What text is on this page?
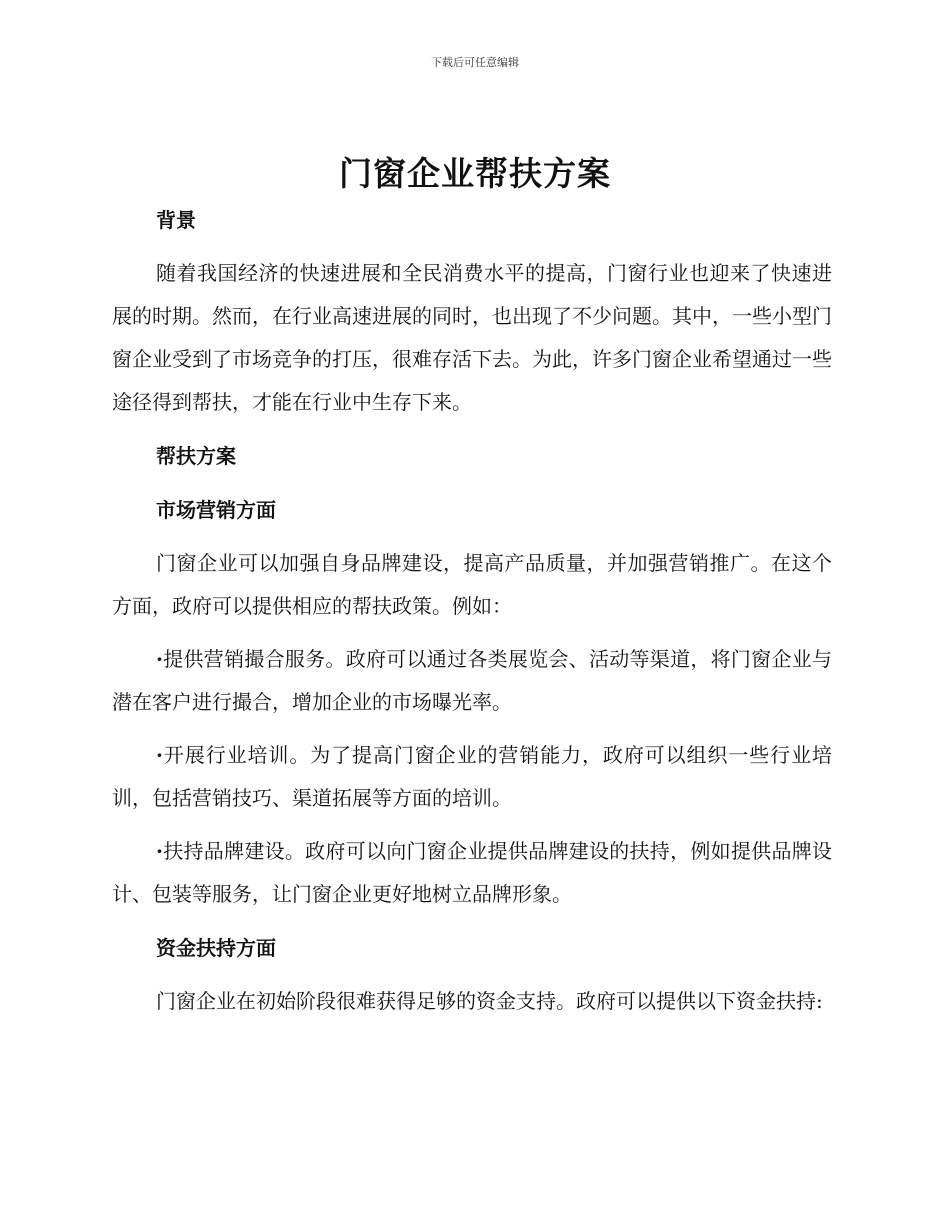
下载后可任意编辑
门窗企业帮扶方案

背景

随着我国经济的快速进展和全民消费水平的提高，门窗行业也迎来了快速进展的时期。然而，在行业高速进展的同时，也出现了不少问题。其中，一些小型门窗企业受到了市场竞争的打压，很难存活下去。为此，许多门窗企业希望通过一些途径得到帮扶，才能在行业中生存下来。

帮扶方案

市场营销方面

门窗企业可以加强自身品牌建设，提高产品质量，并加强营销推广。在这个方面，政府可以提供相应的帮扶政策。例如：

·提供营销撮合服务。政府可以通过各类展览会、活动等渠道，将门窗企业与潜在客户进行撮合，增加企业的市场曝光率。

·开展行业培训。为了提高门窗企业的营销能力，政府可以组织一些行业培训，包括营销技巧、渠道拓展等方面的培训。

·扶持品牌建设。政府可以向门窗企业提供品牌建设的扶持，例如提供品牌设计、包装等服务，让门窗企业更好地树立品牌形象。

资金扶持方面

门窗企业在初始阶段很难获得足够的资金支持。政府可以提供以下资金扶持:
